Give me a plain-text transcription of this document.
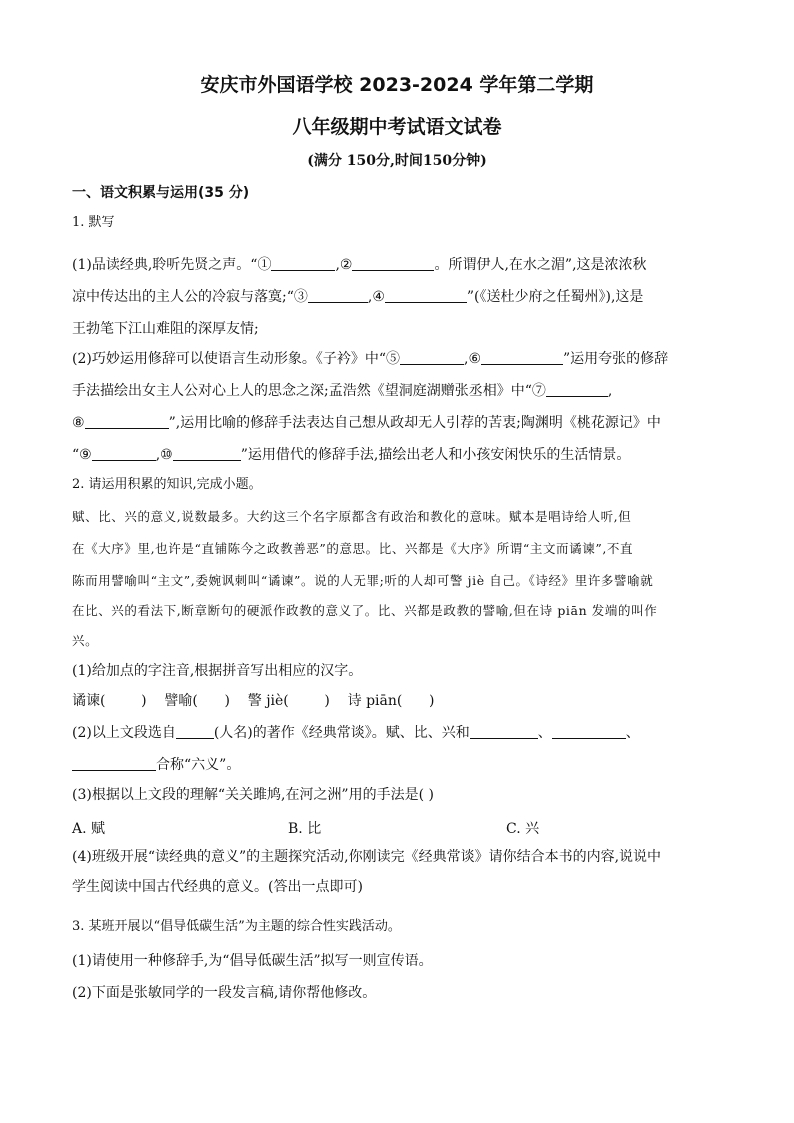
安庆市外国语学校 2023-2024 学年第二学期
八年级期中考试语文试卷
(满分 150分,时间150分钟)
一、语文积累与运用(35 分)
1. 默写
(1)品读经典,聆听先贤之声。“①	,②	。所谓伊人,在水之湄”,这是浓浓秋
凉中传达出的主人公的冷寂与落寞;“③	,④	”(《送杜少府之任蜀州》),这是
王勃笔下江山难阻的深厚友情;
(2)巧妙运用修辞可以使语言生动形象。《子衿》中“⑤	,⑥	”运用夸张的修辞
手法描绘出女主人公对心上人的思念之深;孟浩然《望洞庭湖赠张丞相》中“⑦	,
⑧	”,运用比喻的修辞手法表达自己想从政却无人引荐的苦衷;陶渊明《桃花源记》中
“⑨	,⑩	”运用借代的修辞手法,描绘出老人和小孩安闲快乐的生活情景。
2. 请运用积累的知识,完成小题。
赋、比、兴的意义,说数最多。大约这三个名字原都含有政治和教化的意味。赋本是唱诗给人听,但
在《大序》里,也许是“直铺陈今之政教善恶”的意思。比、兴都是《大序》所谓“主文而谲谏”,不直
陈而用譬喻叫“主文”,委婉讽刺叫“谲谏”。说的人无罪;听的人却可警 jiè 自己。《诗经》里许多譬喻就
在比、兴的看法下,断章断句的硬派作政教的意义了。比、兴都是政教的譬喻,但在诗 piān 发端的叫作
兴。
(1)给加点的字注音,根据拼音写出相应的汉字。
谲谏(        )    譬喻(      )    警 jiè(        )    诗 piān(      )
(2)以上文段选自	(人名)的著作《经典常谈》。赋、比、兴和	、	、
合称“六义”。
(3)根据以上文段的理解“关关雎鸠,在河之洲”用的手法是( )
A. 赋	B. 比	C. 兴
(4)班级开展“读经典的意义”的主题探究活动,你刚读完《经典常谈》请你结合本书的内容,说说中
学生阅读中国古代经典的意义。(答出一点即可)
3. 某班开展以“倡导低碳生活”为主题的综合性实践活动。
(1)请使用一种修辞手,为“倡导低碳生活”拟写一则宣传语。
(2)下面是张敏同学的一段发言稿,请你帮他修改。
